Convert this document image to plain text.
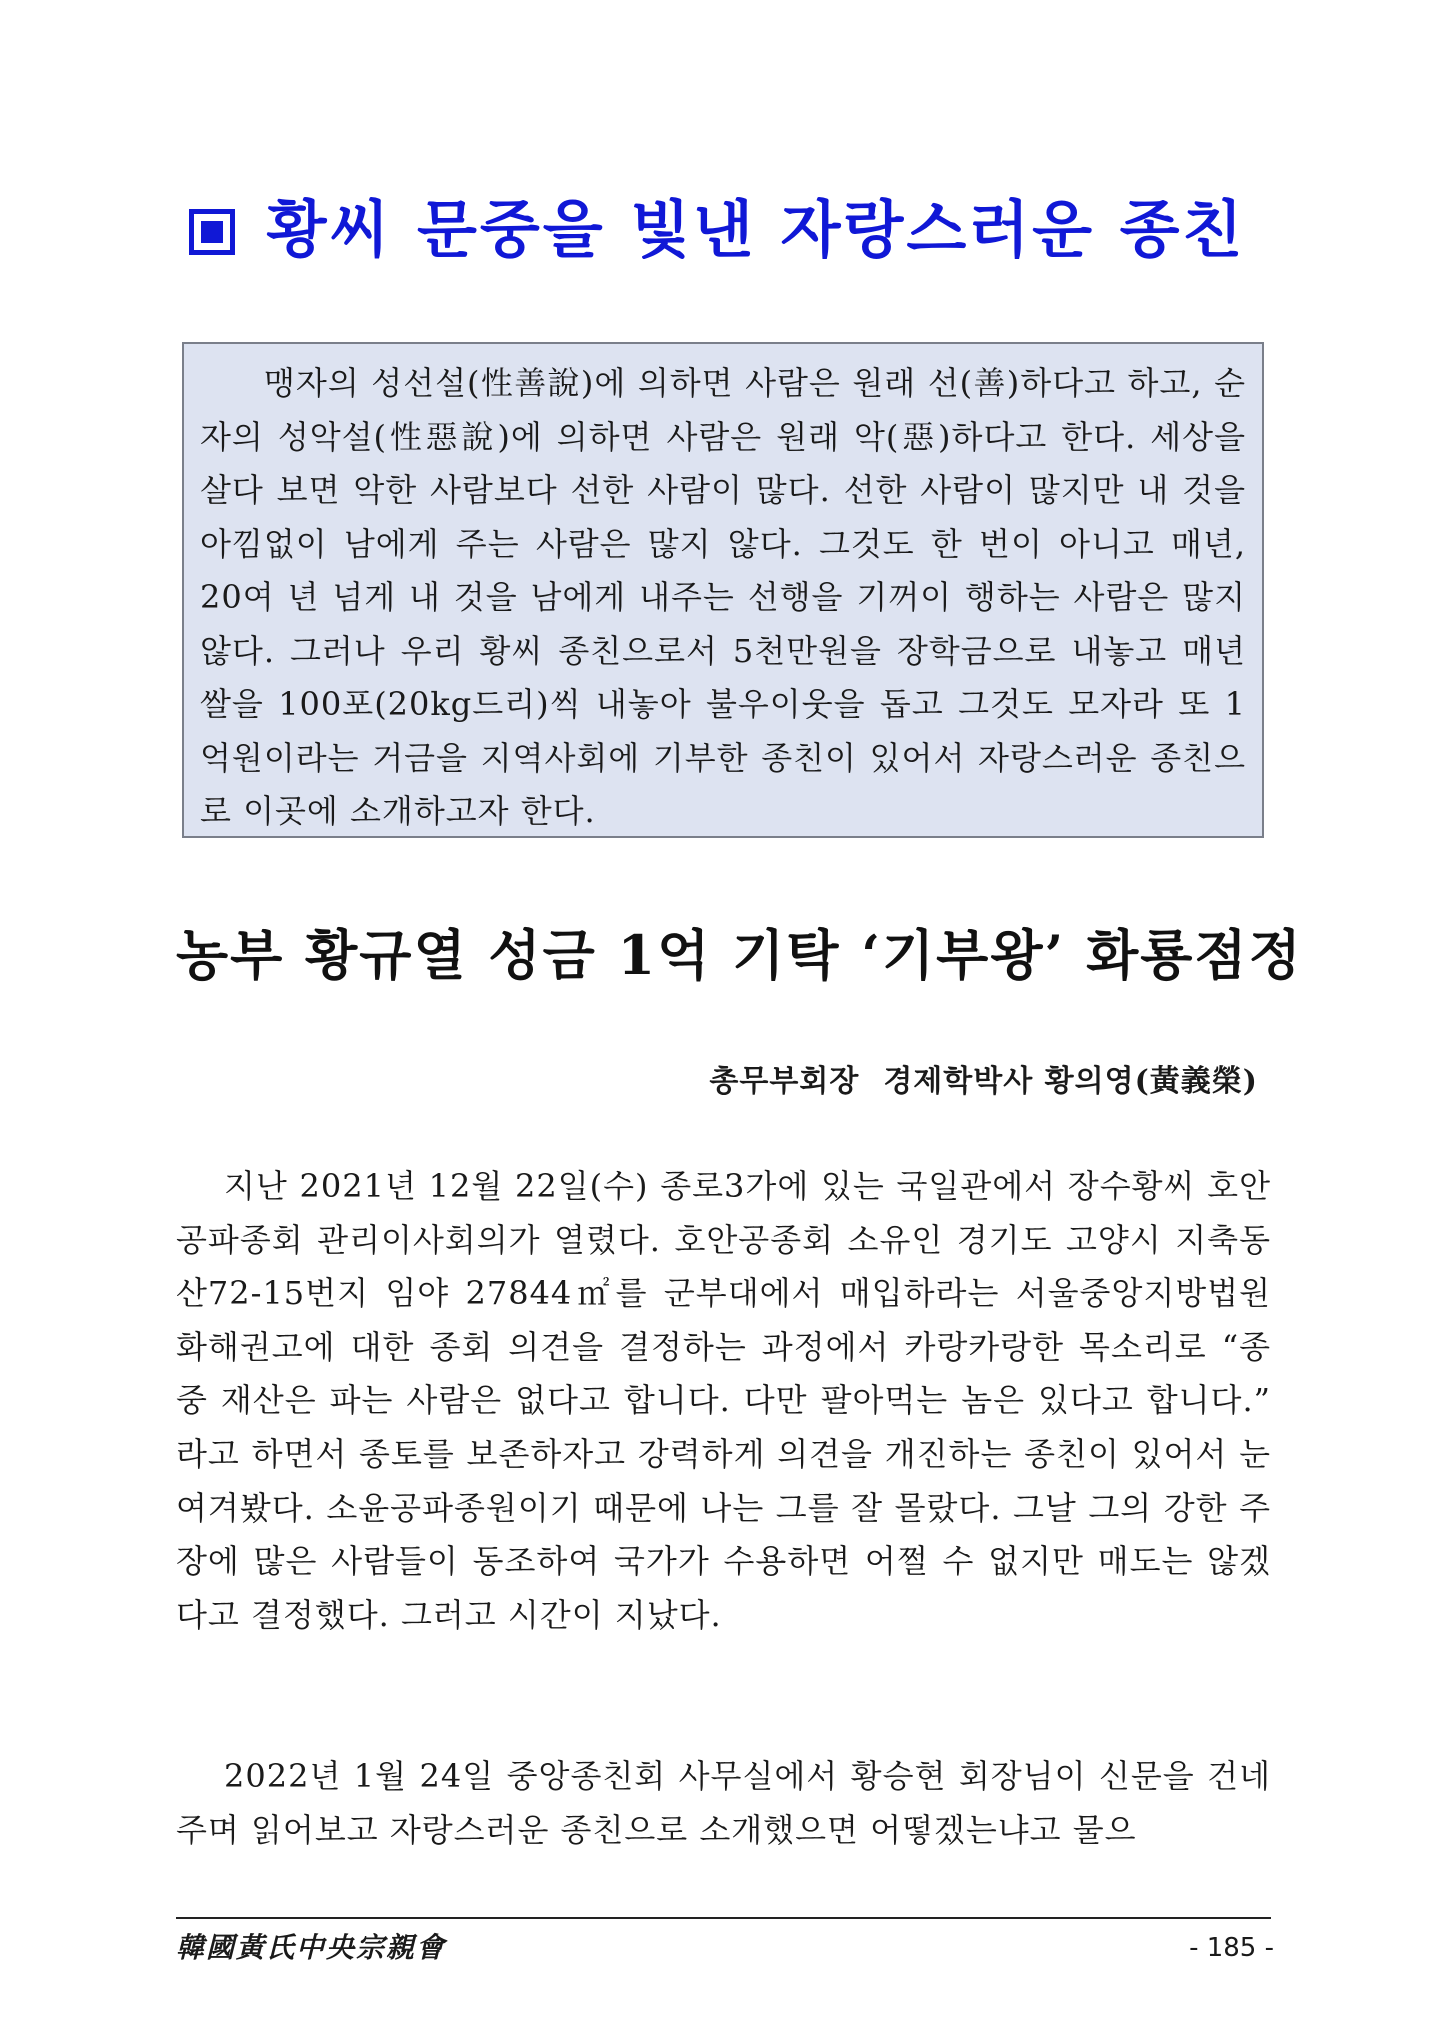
황씨 문중을 빛낸 자랑스러운 종친

맹자의 성선설(性善說)에 의하면 사람은 원래 선(善)하다고 하고, 순자의 성악설(性惡說)에 의하면 사람은 원래 악(惡)하다고 한다. 세상을 살다 보면 악한 사람보다 선한 사람이 많다. 선한 사람이 많지만 내 것을 아낌없이 남에게 주는 사람은 많지 않다. 그것도 한 번이 아니고 매년, 20여 년 넘게 내 것을 남에게 내주는 선행을 기꺼이 행하는 사람은 많지 않다. 그러나 우리 황씨 종친으로서 5천만원을 장학금으로 내놓고 매년 쌀을 100포(20kg드리)씩 내놓아 불우이웃을 돕고 그것도 모자라 또 1억원이라는 거금을 지역사회에 기부한 종친이 있어서 자랑스러운 종친으로 이곳에 소개하고자 한다.

농부 황규열 성금 1억 기탁 ‘기부왕’ 화룡점정
총무부회장 경제학박사 황의영(黃義榮)

지난 2021년 12월 22일(수) 종로3가에 있는 국일관에서 장수황씨 호안공파종회 관리이사회의가 열렸다. 호안공종회 소유인 경기도 고양시 지축동 산72-15번지 임야 27844㎡를 군부대에서 매입하라는 서울중앙지방법원 화해권고에 대한 종회 의견을 결정하는 과정에서 카랑카랑한 목소리로 “종중 재산은 파는 사람은 없다고 합니다. 다만 팔아먹는 놈은 있다고 합니다.” 라고 하면서 종토를 보존하자고 강력하게 의견을 개진하는 종친이 있어서 눈여겨봤다. 소윤공파종원이기 때문에 나는 그를 잘 몰랐다. 그날 그의 강한 주장에 많은 사람들이 동조하여 국가가 수용하면 어쩔 수 없지만 매도는 않겠다고 결정했다. 그러고 시간이 지났다.

2022년 1월 24일 중앙종친회 사무실에서 황승현 회장님이 신문을 건네주며 읽어보고 자랑스러운 종친으로 소개했으면 어떻겠는냐고 물으

韓國黃氏中央宗親會	- 185 -
